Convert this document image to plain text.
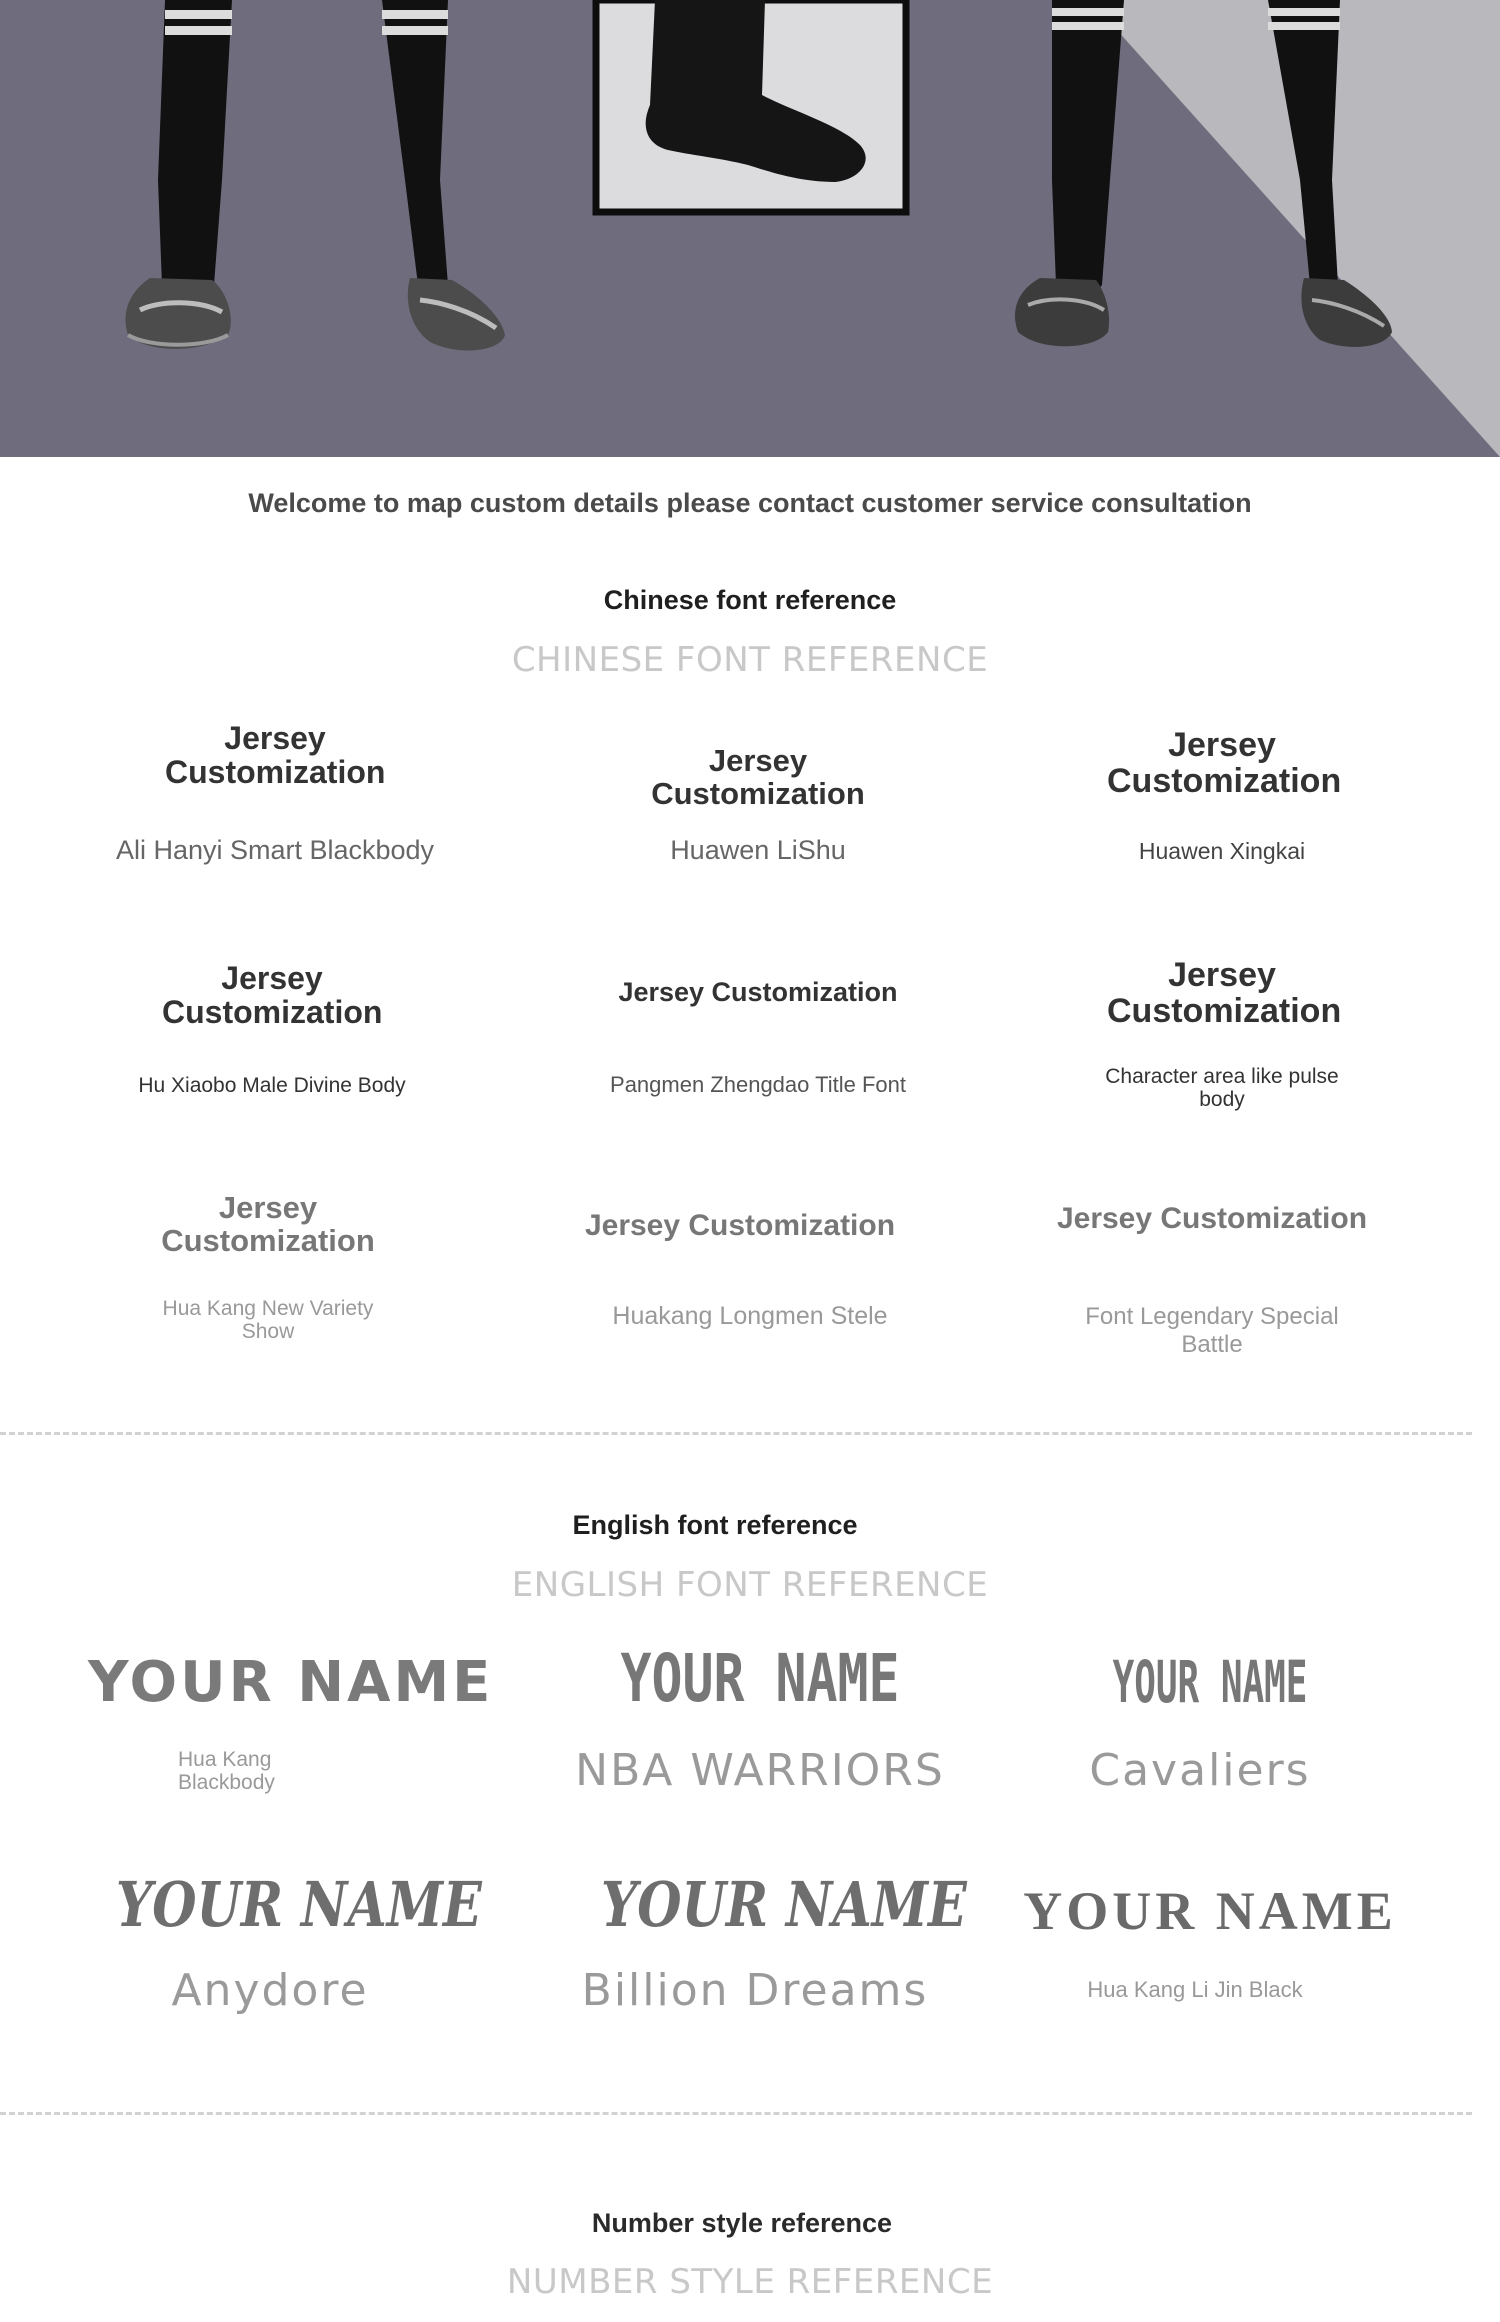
Welcome to map custom details please contact customer service consultation
Chinese font reference
CHINESE FONT REFERENCE
Jersey Customization
Ali Hanyi Smart Blackbody
Jersey Customization
Huawen LiShu
Jersey Customization
Huawen Xingkai
Jersey Customization
Hu Xiaobo Male Divine Body
Jersey Customization
Pangmen Zhengdao Title Font
Jersey Customization
Character area like pulse body
Jersey Customization
Hua Kang New Variety Show
Jersey Customization
Huakang Longmen Stele
Jersey Customization
Font Legendary Special Battle
English font reference
ENGLISH FONT REFERENCE
YOUR NAME
Hua Kang Blackbody
YOUR NAME
NBA WARRIORS
YOUR NAME
Cavaliers
YOUR NAME
Anydore
YOUR NAME
Billion Dreams
YOUR NAME
Hua Kang Li Jin Black
Number style reference
NUMBER STYLE REFERENCE
